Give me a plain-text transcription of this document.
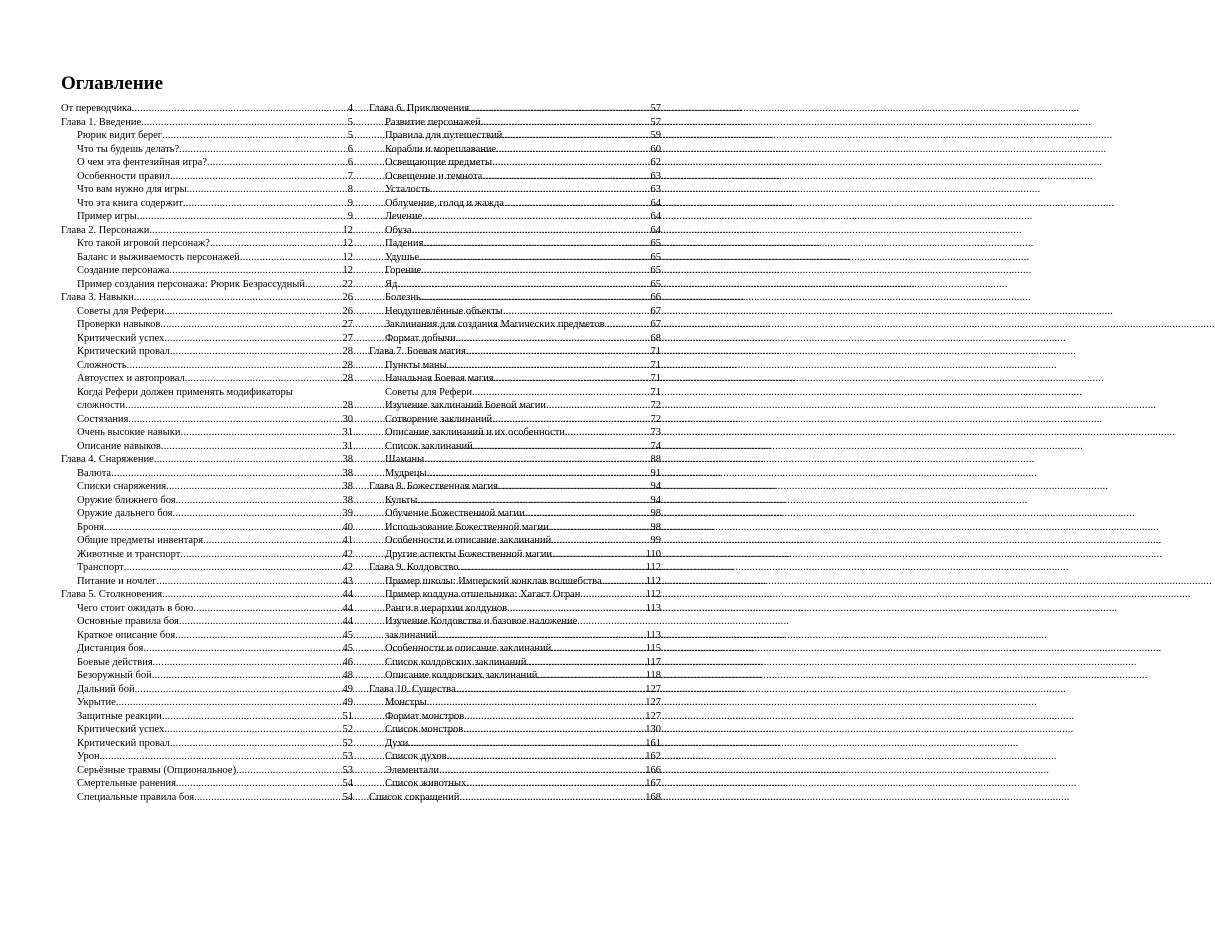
Оглавление
От переводчика .....	4
Глава 1. Введение .....	5
Рюрик видит берег .....	5
Что ты будешь делать? .....	6
О чем эта фентезийная игра? .....	6
Особенности правил .....	7
Что вам нужно для игры .....	8
Что эта книга содержит .....	9
Пример игры .....	9
Глава 2. Персонажи .....	12
Кто такой игровой персонаж? .....	12
Баланс и выживаемость персонажей .....	12
Создание персонажа .....	12
Пример создания персонажа: Рюрик Безрассудный .....	22
Глава 3. Навыки .....	26
Советы для Рефери .....	26
Проверки навыков .....	27
Критический успех .....	27
Критический провал .....	28
Сложность .....	28
Автоуспех и автопровал .....	28
Когда Рефери должен применять модификаторы
сложности .....	28
Состязания .....	30
Очень высокие навыки .....	31
Описание навыков .....	31
Глава 4. Снаряжение .....	38
Валюта .....	38
Списки снаряжения .....	38
Оружие ближнего боя .....	38
Оружие дальнего боя .....	39
Броня .....	40
Общие предметы инвентаря .....	41
Животные и транспорт .....	42
Транспорт .....	42
Питание и ночлег .....	43
Глава 5. Столкновения .....	44
Чего стоит ожидать в бою .....	44
Основные правила боя .....	44
Краткое описание боя .....	45
Дистанция боя .....	45
Боевые действия .....	46
Безоружный бой .....	48
Дальний бой .....	49
Укрытие .....	49
Защитные реакции .....	51
Критический успех .....	52
Критический провал .....	52
Урон .....	53
Серьёзные травмы (Опциональное) .....	53
Смертельные ранения .....	54
Специальные правила боя .....	54
Глава 6. Приключения .....	57
Развитие персонажей .....	57
Правила для путешествий .....	59
Корабли и мореплавание .....	60
Освещающие предметы .....	62
Освещение и темнота .....	63
Усталость .....	63
Облучение, голод и жажда .....	64
Лечение .....	64
Обуза .....	64
Падения .....	65
Удушье .....	65
Горение .....	65
Яд .....	65
Болезнь .....	66
Неодушевлённые объекты .....	67
Заклинания для создания Магических предметов .....	67
Формат добычи .....	68
Глава 7. Боевая магия .....	71
Пункты маны .....	71
Начальная Боевая магия .....	71
Советы для Рефери .....	71
Изучение заклинаний Боевой магии .....	72
Сотворение заклинаний .....	72
Описание заклинаний и их особенности .....	73
Список заклинаний .....	74
Шаманы .....	88
Мудрецы .....	91
Глава 8. Божественная магия .....	94
Культы .....	94
Обучение Божественной магии .....	98
Использование Божественной магии .....	98
Особенности и описание заклинаний .....	99
Другие аспекты Божественной магии .....	110
Глава 9. Колдовство .....	112
Пример школы: Имперский конклав волшебства .....	112
Пример колдуна отшельника: Хагаст Огран .....	112
Ранги в иерархии колдунов .....	113
Изучение Колдовства и базовое наложение
заклинаний .....	113
Особенности и описание заклинаний .....	115
Список колдовских заклинаний .....	117
Описание колдовских заклинаний .....	118
Глава 10. Существа .....	127
Монстры .....	127
Формат монстров .....	127
Список монстров .....	130
Духи .....	161
Список духов .....	162
Элементали .....	166
Список животных .....	167
Список сокращений .....	168
